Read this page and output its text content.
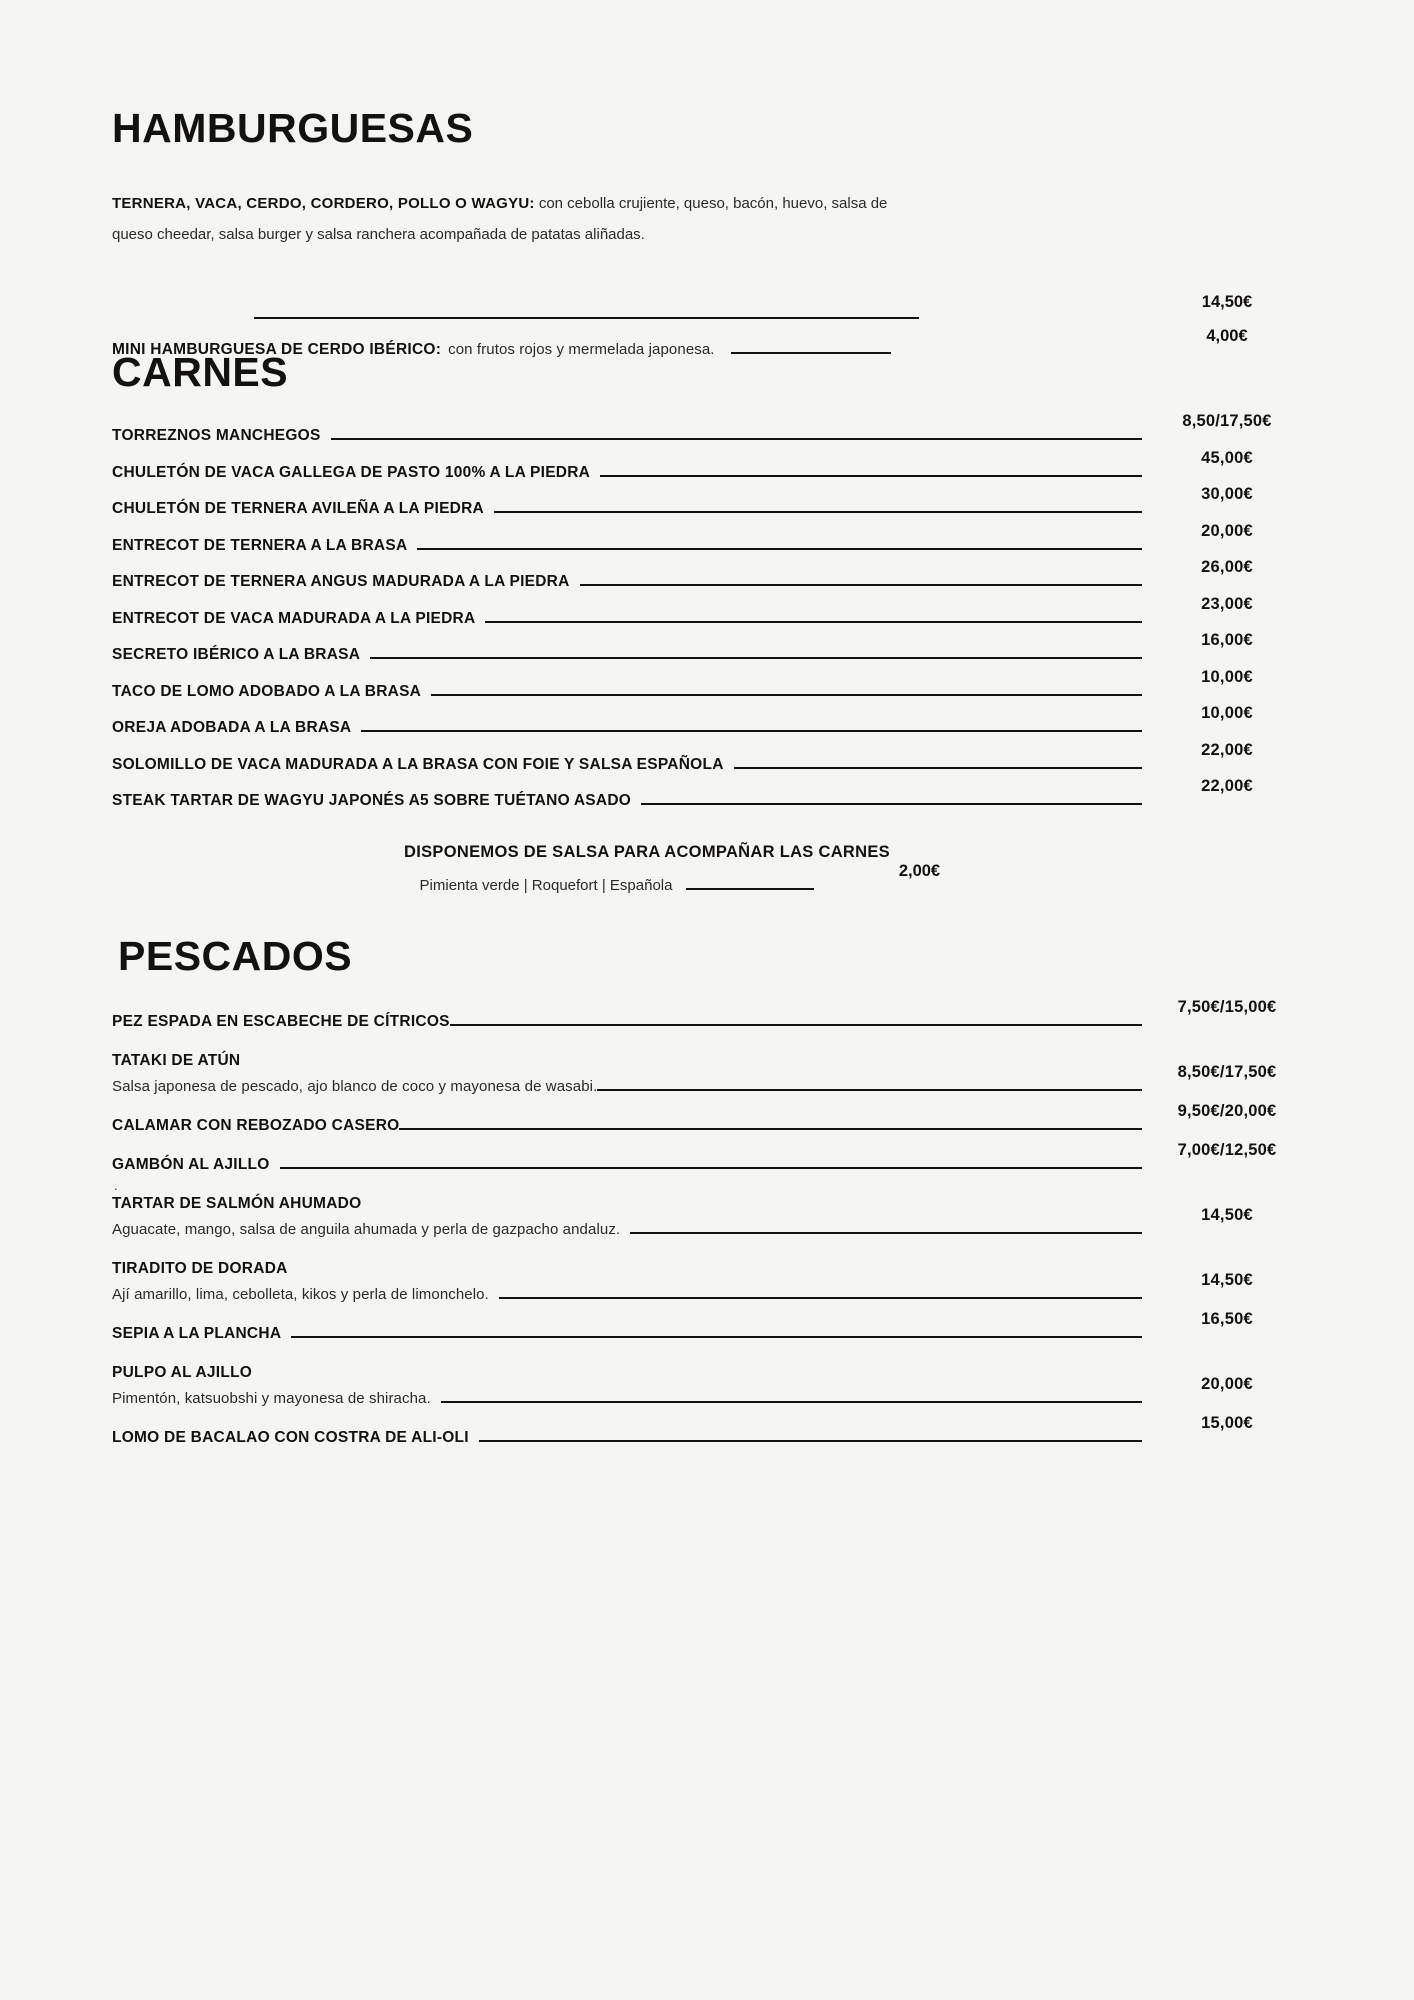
HAMBURGUESAS
TERNERA, VACA, CERDO, CORDERO, POLLO O WAGYU: con cebolla crujiente, queso, bacón, huevo, salsa de queso cheedar, salsa burger y salsa ranchera acompañada de patatas aliñadas.
14,50€
MINI HAMBURGUESA DE CERDO IBÉRICO: con frutos rojos y mermelada japonesa.
4,00€
CARNES
TORREZNOS MANCHEGOS
8,50/17,50€
CHULETÓN DE VACA GALLEGA DE PASTO 100% A LA PIEDRA
45,00€
CHULETÓN DE TERNERA AVILEÑA A LA PIEDRA
30,00€
ENTRECOT DE TERNERA A LA BRASA
20,00€
ENTRECOT DE TERNERA ANGUS MADURADA A LA PIEDRA
26,00€
ENTRECOT DE VACA MADURADA A LA PIEDRA
23,00€
SECRETO IBÉRICO A LA BRASA
16,00€
TACO DE LOMO ADOBADO A LA BRASA
10,00€
OREJA ADOBADA A LA BRASA
10,00€
SOLOMILLO DE VACA MADURADA A LA BRASA CON FOIE Y SALSA ESPAÑOLA
22,00€
STEAK TARTAR DE WAGYU JAPONÉS A5 SOBRE TUÉTANO ASADO
22,00€
DISPONEMOS DE SALSA PARA ACOMPAÑAR LAS CARNES
Pimienta verde | Roquefort | Española
2,00€
PESCADOS
PEZ ESPADA EN ESCABECHE DE CÍTRICOS
7,50€/15,00€
TATAKI DE ATÚN
Salsa japonesa de pescado, ajo blanco de coco y mayonesa de wasabi.
8,50€/17,50€
CALAMAR CON REBOZADO CASERO
9,50€/20,00€
GAMBÓN AL AJILLO
7,00€/12,50€
.
TARTAR DE SALMÓN AHUMADO
Aguacate, mango, salsa de anguila ahumada y perla de gazpacho andaluz.
14,50€
TIRADITO DE DORADA
Ají amarillo, lima, cebolleta, kikos y perla de limonchelo.
14,50€
SEPIA A LA PLANCHA
16,50€
PULPO AL AJILLO
Pimentón, katsuobshi y mayonesa de shiracha.
20,00€
LOMO DE BACALAO CON COSTRA DE ALI-OLI
15,00€
